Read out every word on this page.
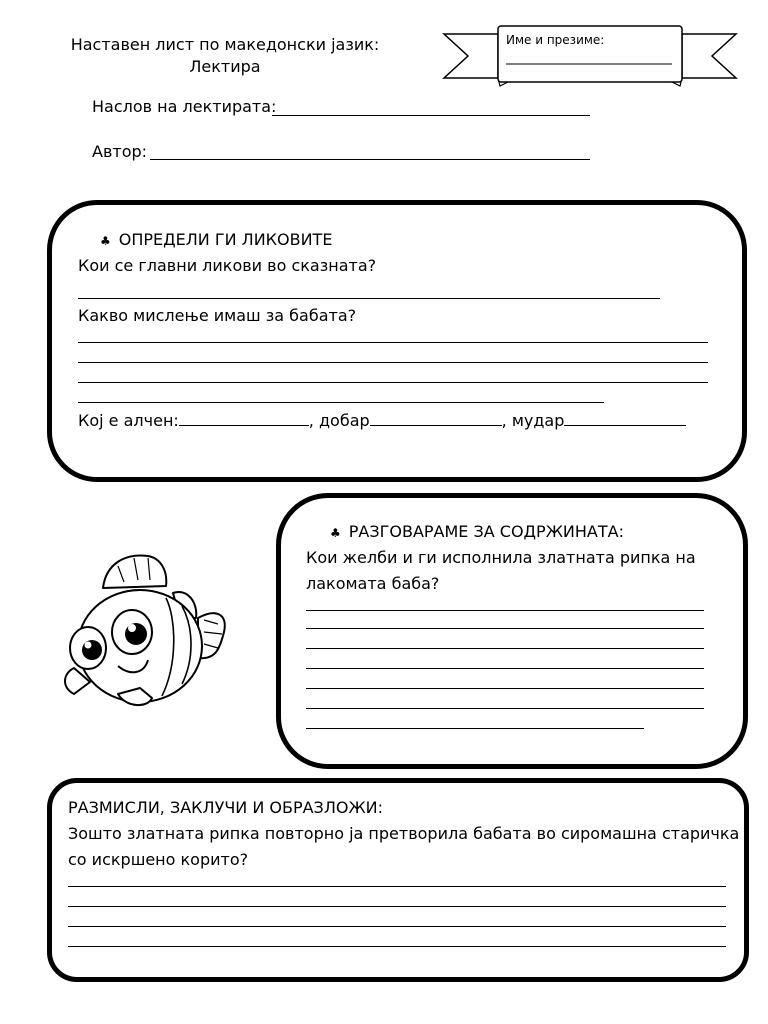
Наставен лист по македонски јазик:
Лектира
Име и презиме:
Наслов на лектирата:
Автор:
♣ ОПРЕДЕЛИ ГИ ЛИКОВИТЕ
Кои се главни ликови во сказната?
Какво мислење имаш за бабата?
Кој е алчен:	, добар	, мудар
♣ РАЗГОВАРАМЕ ЗА СОДРЖИНАТА:
Кои желби и ги исполнила златната рипка на
лакомата баба?
РАЗМИСЛИ, ЗАКЛУЧИ И ОБРАЗЛОЖИ:
Зошто златната рипка повторно ја претворила бабата во сиромашна старичка
со искршено корито?
